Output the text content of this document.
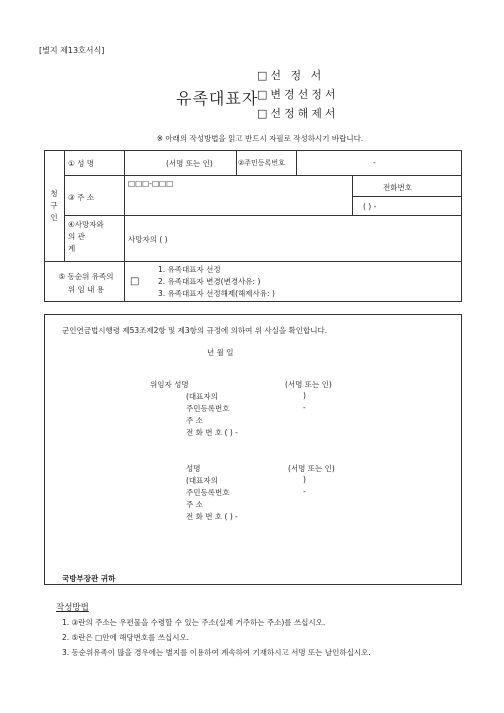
[별지 제13호서식]
유족대표자
□선 정 서
□변경선정서
□선정해제서
※ 아래의 작성방법을 읽고 반드시 자필로 작성하시기 바랍니다.
청
구
인
① 성 명	(서명 또는 인)	②주민등록번호	-
③ 주 소
□□□-□□□	전화번호
( ) -
④사망자와
의 관
계
사망자의 ( )
⑤ 동순위 유족의
위 임 내 용
□
1. 유족대표자 선정
2. 유족대표자 변경(변경사유: )
3. 유족대표자 선정해제(해제사유: )
군인연금법시행령 제53조제2항 및 제3항의 규정에 의하여 위 사실을 확인합니다.
년 월 일
위임자 성명	(서명 또는 인)
(대표자의	)
주민등록번호	-
주 소
전 화 번 호 ( ) -
성명	(서명 또는 인)
(대표자의	)
주민등록번호	-
주 소
전 화 번 호 ( ) -
국방부장관 귀하
작성방법
1. ③란의 주소는 우편물을 수령할 수 있는 주소(실제 거주하는 주소)를 쓰십시오.
2. ⑤란은 □안에 해당번호를 쓰십시오.
3. 동순위유족이 많을 경우에는 별지를 이용하여 계속하여 기재하시고 서명 또는 날인하십시오.
